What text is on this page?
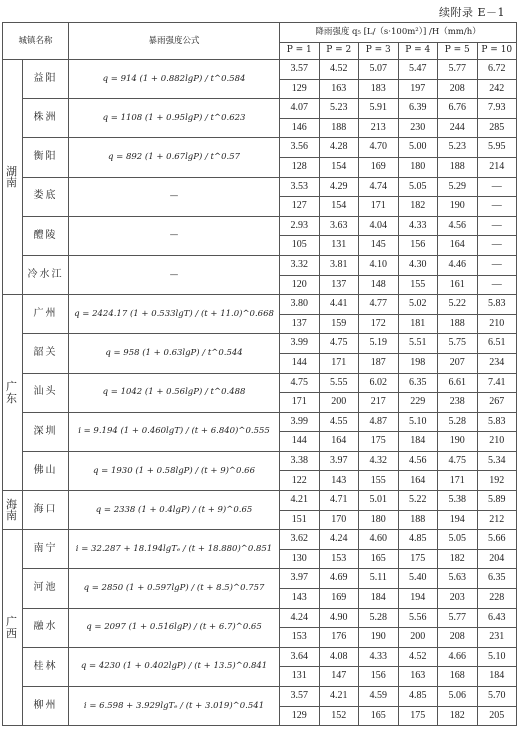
续附录 E－1
城镇名称		暴雨强度公式	降雨强度 q₅ [L/（s·100m²）] /H（mm/h）					
			P = 1	P = 2	P = 3	P = 4	P = 5	P = 10
湖南	益阳	q = 914 (1 + 0.882lgP) / t^0.584	3.57	4.52	5.07	5.47	5.77	6.72
			129	163	183	197	208	242
	株洲	q = 1108 (1 + 0.95lgP) / t^0.623	4.07	5.23	5.91	6.39	6.76	7.93
			146	188	213	230	244	285
	衡阳	q = 892 (1 + 0.67lgP) / t^0.57	3.56	4.28	4.70	5.00	5.23	5.95
			128	154	169	180	188	214
	娄底	—	3.53	4.29	4.74	5.05	5.29	—
			127	154	171	182	190	—
	醴陵	—	2.93	3.63	4.04	4.33	4.56	—
			105	131	145	156	164	—
	冷水江	—	3.32	3.81	4.10	4.30	4.46	—
			120	137	148	155	161	—
广东	广州	q = 2424.17 (1 + 0.533lgT) / (t + 11.0)^0.668	3.80	4.41	4.77	5.02	5.22	5.83
			137	159	172	181	188	210
	韶关	q = 958 (1 + 0.63lgP) / t^0.544	3.99	4.75	5.19	5.51	5.75	6.51
			144	171	187	198	207	234
	汕头	q = 1042 (1 + 0.56lgP) / t^0.488	4.75	5.55	6.02	6.35	6.61	7.41
			171	200	217	229	238	267
	深圳	i = 9.194 (1 + 0.460lgT) / (t + 6.840)^0.555	3.99	4.55	4.87	5.10	5.28	5.83
			144	164	175	184	190	210
	佛山	q = 1930 (1 + 0.58lgP) / (t + 9)^0.66	3.38	3.97	4.32	4.56	4.75	5.34
			122	143	155	164	171	192
海南	海口	q = 2338 (1 + 0.4lgP) / (t + 9)^0.65	4.21	4.71	5.01	5.22	5.38	5.89
			151	170	180	188	194	212
广西	南宁	i = 32.287 + 18.194lgTₑ / (t + 18.880)^0.851	3.62	4.24	4.60	4.85	5.05	5.66
			130	153	165	175	182	204
	河池	q = 2850 (1 + 0.597lgP) / (t + 8.5)^0.757	3.97	4.69	5.11	5.40	5.63	6.35
			143	169	184	194	203	228
	融水	q = 2097 (1 + 0.516lgP) / (t + 6.7)^0.65	4.24	4.90	5.28	5.56	5.77	6.43
			153	176	190	200	208	231
	桂林	q = 4230 (1 + 0.402lgP) / (t + 13.5)^0.841	3.64	4.08	4.33	4.52	4.66	5.10
			131	147	156	163	168	184
	柳州	i = 6.598 + 3.929lgTₑ / (t + 3.019)^0.541	3.57	4.21	4.59	4.85	5.06	5.70
			129	152	165	175	182	205
